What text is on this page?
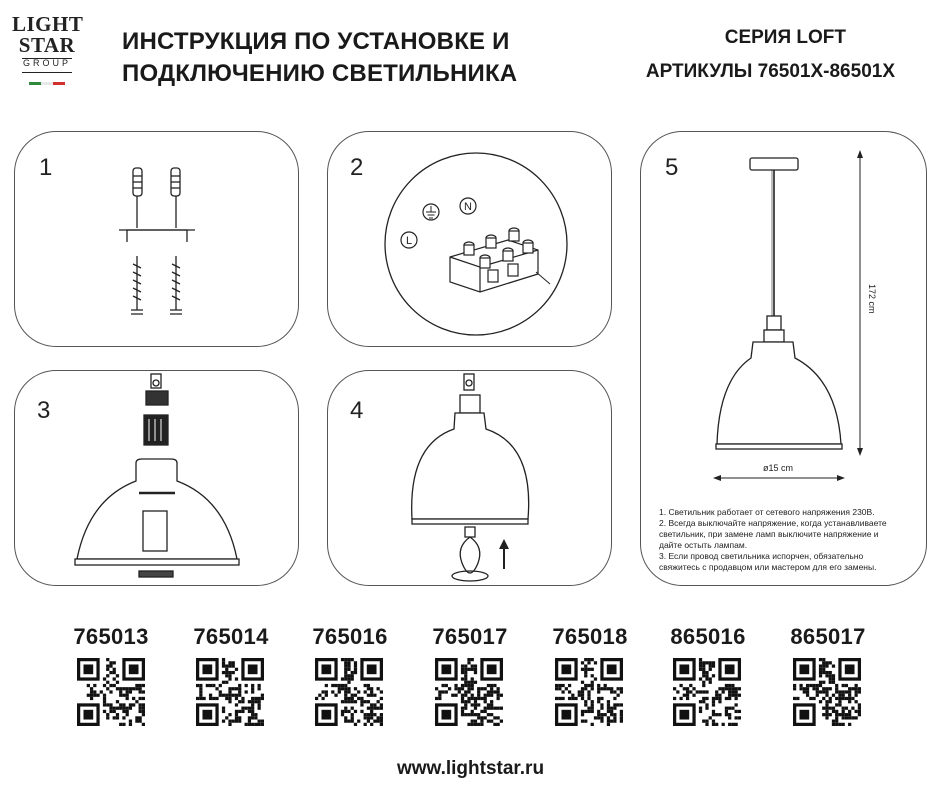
LIGHT
STAR
GROUP
ИНСТРУКЦИЯ ПО УСТАНОВКЕ И
ПОДКЛЮЧЕНИЮ СВЕТИЛЬНИКА
СЕРИЯ LOFT
АРТИКУЛЫ 76501X-86501X
1	2
N
L
3	4
5
172 cm
ø15 cm
1. Светильник работает от сетевого напряжения 230В.
2. Всегда выключайте напряжение, когда устанавливаете светильник, при замене ламп выключите напряжение и дайте остыть лампам.
3. Если провод светильника испорчен, обязательно свяжитесь с продавцом или мастером для его замены.
765013	765014	765016	765017	765018	865016	865017
www.lightstar.ru
